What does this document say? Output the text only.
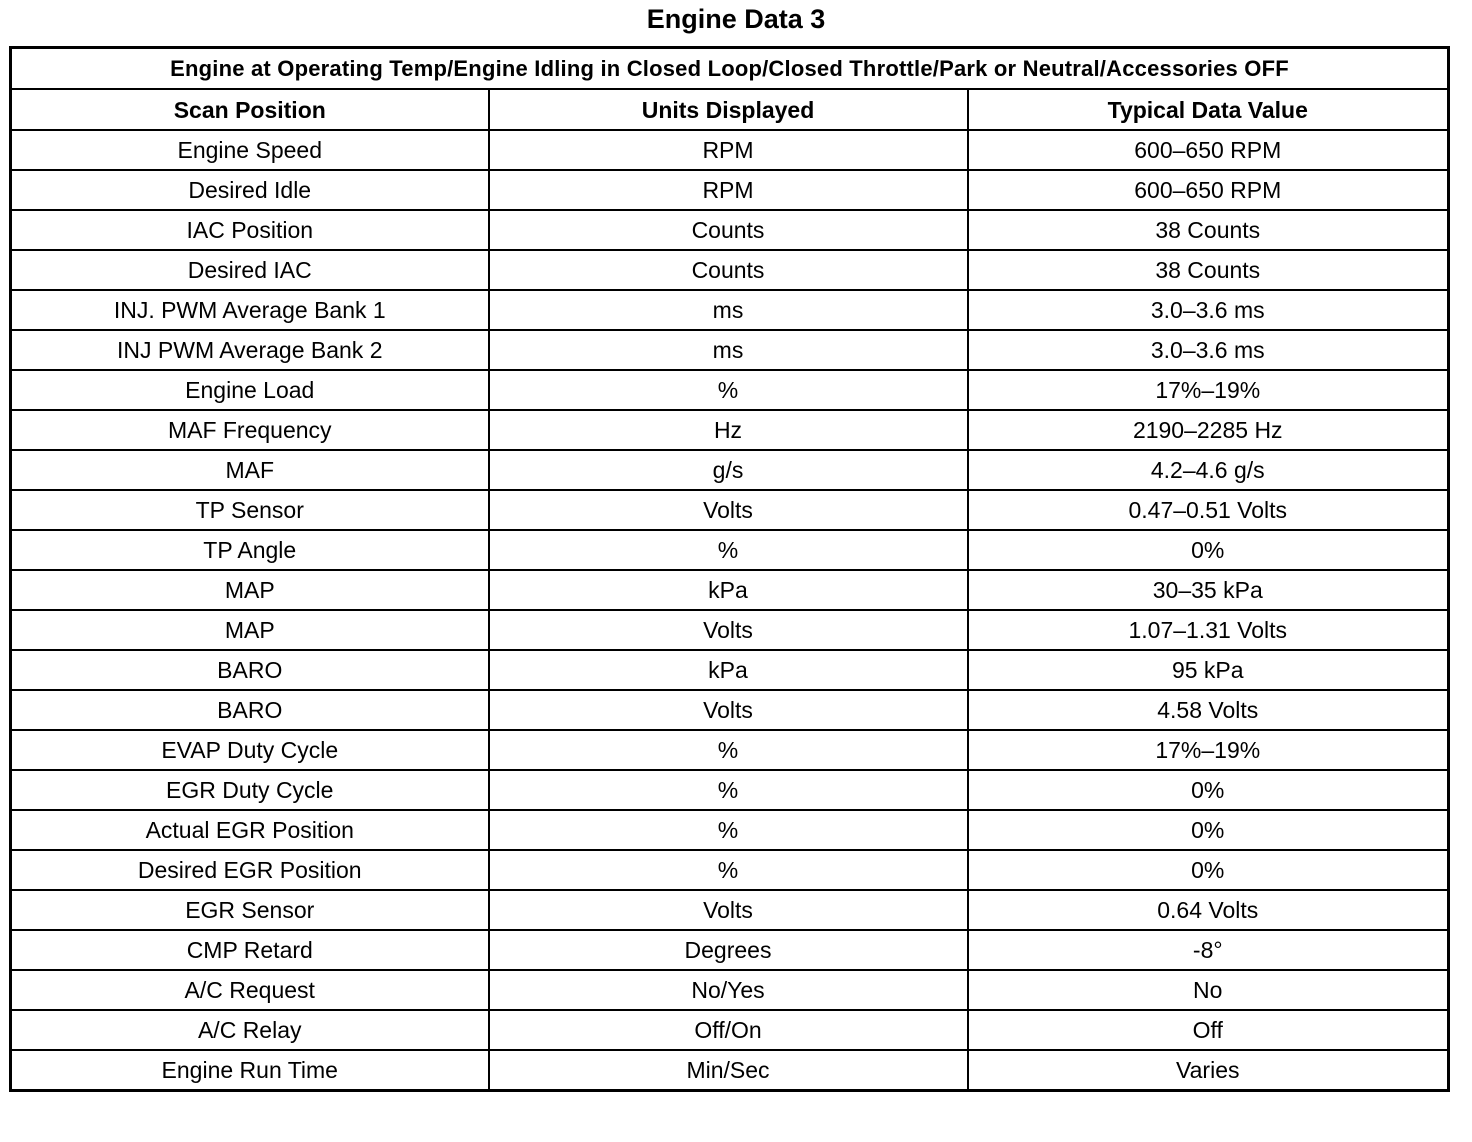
Engine Data 3
Engine at Operating Temp/Engine Idling in Closed Loop/Closed Throttle/Park or Neutral/Accessories OFF		
Scan Position	Units Displayed	Typical Data Value
Engine Speed	RPM	600–650 RPM
Desired Idle	RPM	600–650 RPM
IAC Position	Counts	38 Counts
Desired IAC	Counts	38 Counts
INJ. PWM Average Bank 1	ms	3.0–3.6 ms
INJ PWM Average Bank 2	ms	3.0–3.6 ms
Engine Load	%	17%–19%
MAF Frequency	Hz	2190–2285 Hz
MAF	g/s	4.2–4.6 g/s
TP Sensor	Volts	0.47–0.51 Volts
TP Angle	%	0%
MAP	kPa	30–35 kPa
MAP	Volts	1.07–1.31 Volts
BARO	kPa	95 kPa
BARO	Volts	4.58 Volts
EVAP Duty Cycle	%	17%–19%
EGR Duty Cycle	%	0%
Actual EGR Position	%	0%
Desired EGR Position	%	0%
EGR Sensor	Volts	0.64 Volts
CMP Retard	Degrees	-8°
A/C Request	No/Yes	No
A/C Relay	Off/On	Off
Engine Run Time	Min/Sec	Varies
